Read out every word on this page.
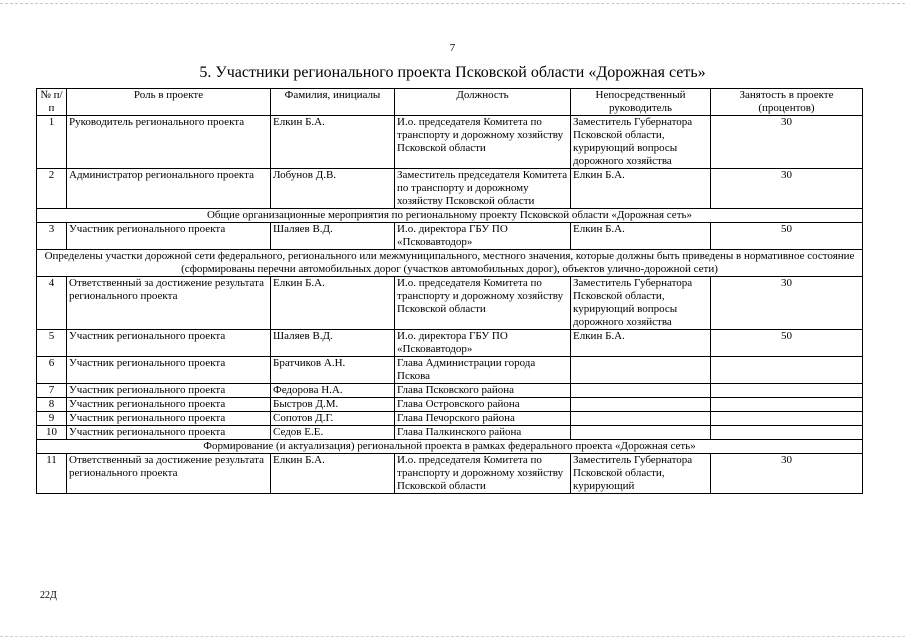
7
5. Участники регионального проекта Псковской области «Дорожная сеть»
№ п/п	Роль в проекте	Фамилия, инициалы	Должность	Непосредственный руководитель	Занятость в проекте (процентов)
1	Руководитель регионального проекта	Елкин Б.А.	И.о. председателя Комитета по транспорту и дорожному хозяйству Псковской области	Заместитель Губернатора Псковской области, курирующий вопросы дорожного хозяйства	30
2	Администратор регионального проекта	Лобунов Д.В.	Заместитель председателя Комитета по транспорту и дорожному хозяйству Псковской области	Елкин Б.А.	30
Общие организационные мероприятия по региональному проекту Псковской области «Дорожная сеть»					
3	Участник регионального проекта	Шаляев В.Д.	И.о. директора ГБУ ПО «Псковавтодор»	Елкин Б.А.	50
Определены участки дорожной сети федерального, регионального или межмуниципального, местного значения, которые должны быть приведены в нормативное состояние (сформированы перечни автомобильных дорог (участков автомобильных дорог), объектов улично-дорожной сети)					
4	Ответственный за достижение результата регионального проекта	Елкин Б.А.	И.о. председателя Комитета по транспорту и дорожному хозяйству Псковской области	Заместитель Губернатора Псковской области, курирующий вопросы дорожного хозяйства	30
5	Участник регионального проекта	Шаляев В.Д.	И.о. директора ГБУ ПО «Псковавтодор»	Елкин Б.А.	50
6	Участник регионального проекта	Братчиков А.Н.	Глава Администрации города Пскова		
7	Участник регионального проекта	Федорова Н.А.	Глава Псковского района		
8	Участник регионального проекта	Быстров Д.М.	Глава Островского района		
9	Участник регионального проекта	Сопотов Д.Г.	Глава Печорского района		
10	Участник регионального проекта	Седов Е.Е.	Глава Палкинского района		
Формирование (и актуализация) региональной проекта в рамках федерального проекта «Дорожная сеть»					
11	Ответственный за достижение результата регионального проекта	Елкин Б.А.	И.о. председателя Комитета по транспорту и дорожному хозяйству Псковской области	Заместитель Губернатора Псковской области, курирующий	30
22Д
